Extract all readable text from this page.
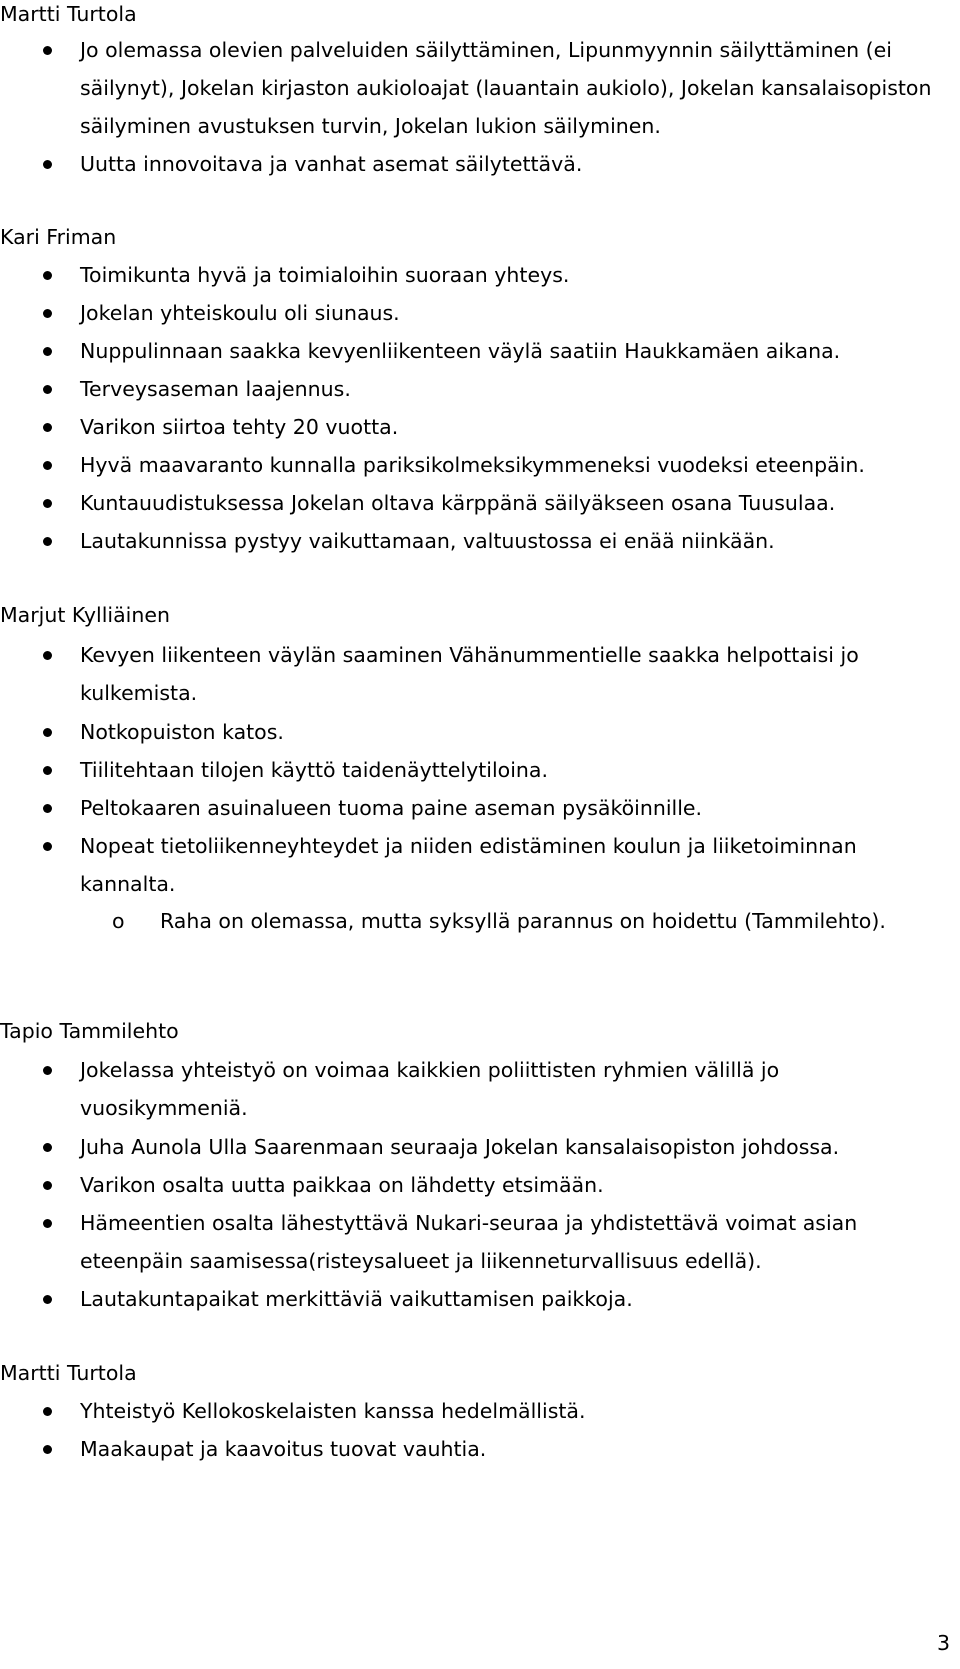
Martti Turtola
Jo olemassa olevien palveluiden säilyttäminen, Lipunmyynnin säilyttäminen (ei säilynyt), Jokelan kirjaston aukioloajat (lauantain aukiolo), Jokelan kansalaisopiston säilyminen avustuksen turvin, Jokelan lukion säilyminen.
Uutta innovoitava ja vanhat asemat säilytettävä.
Kari Friman
Toimikunta hyvä ja toimialoihin suoraan yhteys.
Jokelan yhteiskoulu oli siunaus.
Nuppulinnaan saakka kevyenliikenteen väylä saatiin Haukkamäen aikana.
Terveysaseman laajennus.
Varikon siirtoa tehty 20 vuotta.
Hyvä maavaranto kunnalla pariksikolmeksikymmeneksi vuodeksi eteenpäin.
Kuntauudistuksessa Jokelan oltava kärppänä säilyäkseen osana Tuusulaa.
Lautakunnissa pystyy vaikuttamaan, valtuustossa ei enää niinkään.
Marjut Kylliäinen
Kevyen liikenteen väylän saaminen Vähänummentielle saakka helpottaisi jo kulkemista.
Notkopuiston katos.
Tiilitehtaan tilojen käyttö taidenäyttelytiloina.
Peltokaaren asuinalueen tuoma paine aseman pysäköinnille.
Nopeat tietoliikenneyhteydet ja niiden edistäminen koulun ja liiketoiminnan kannalta.
o Raha on olemassa, mutta syksyllä parannus on hoidettu (Tammilehto).
Tapio Tammilehto
Jokelassa yhteistyö on voimaa kaikkien poliittisten ryhmien välillä jo vuosikymmeniä.
Juha Aunola Ulla Saarenmaan seuraaja Jokelan kansalaisopiston johdossa.
Varikon osalta uutta paikkaa on lähdetty etsimään.
Hämeentien osalta lähestyttävä Nukari-seuraa ja yhdistettävä voimat asian eteenpäin saamisessa(risteysalueet ja liikenneturvallisuus edellä).
Lautakuntapaikat merkittäviä vaikuttamisen paikkoja.
Martti Turtola
Yhteistyö Kellokoskelaisten kanssa hedelmällistä.
Maakaupat ja kaavoitus tuovat vauhtia.
3
